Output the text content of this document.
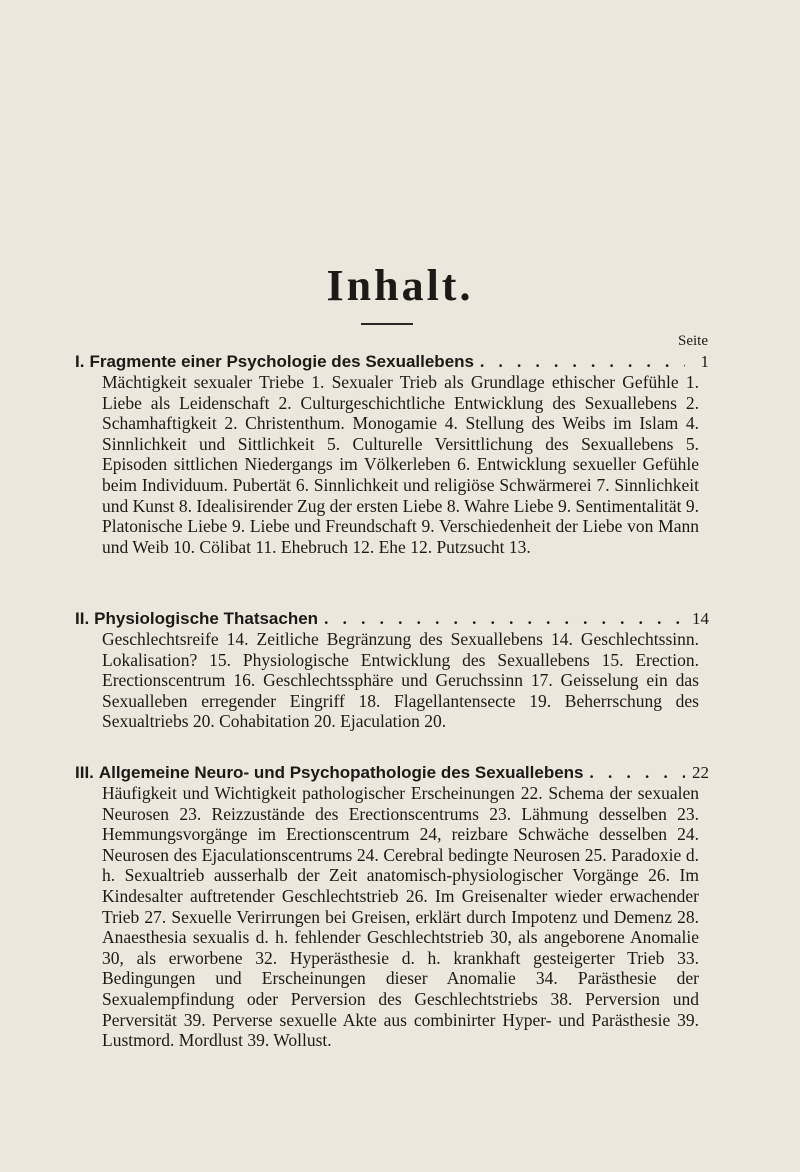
Inhalt.
Seite
I. Fragmente einer Psychologie des Sexuallebens . . .	1
Mächtigkeit sexualer Triebe 1. Sexualer Trieb als Grundlage ethischer Gefühle 1. Liebe als Leidenschaft 2. Culturgeschichtliche Entwicklung des Sexuallebens 2. Schamhaftigkeit 2. Christenthum. Monogamie 4. Stellung des Weibs im Islam 4. Sinnlichkeit und Sittlichkeit 5. Culturelle Versittlichung des Sexuallebens 5. Episoden sittlichen Niedergangs im Völkerleben 6. Entwicklung sexueller Gefühle beim Individuum. Pubertät 6. Sinnlichkeit und religiöse Schwärmerei 7. Sinnlichkeit und Kunst 8. Idealisirender Zug der ersten Liebe 8. Wahre Liebe 9. Sentimentalität 9. Platonische Liebe 9. Liebe und Freundschaft 9. Verschiedenheit der Liebe von Mann und Weib 10. Cölibat 11. Ehebruch 12. Ehe 12. Putzsucht 13.
II. Physiologische Thatsachen . . .	14
Geschlechtsreife 14. Zeitliche Begränzung des Sexuallebens 14. Geschlechtssinn. Lokalisation? 15. Physiologische Entwicklung des Sexuallebens 15. Erection. Erectionscentrum 16. Geschlechtssphäre und Geruchssinn 17. Geisselung ein das Sexualleben erregender Eingriff 18. Flagellantensecte 19. Beherrschung des Sexualtriebs 20. Cohabitation 20. Ejaculation 20.
III. Allgemeine Neuro- und Psychopathologie des Sexuallebens . . .	22
Häufigkeit und Wichtigkeit pathologischer Erscheinungen 22. Schema der sexualen Neurosen 23. Reizzustände des Erectionscentrums 23. Lähmung desselben 23. Hemmungsvorgänge im Erectionscentrum 24, reizbare Schwäche desselben 24. Neurosen des Ejaculationscentrums 24. Cerebral bedingte Neurosen 25. Paradoxie d. h. Sexualtrieb ausserhalb der Zeit anatomisch-physiologischer Vorgänge 26. Im Kindesalter auftretender Geschlechtstrieb 26. Im Greisenalter wieder erwachender Trieb 27. Sexuelle Verirrungen bei Greisen, erklärt durch Impotenz und Demenz 28. Anaesthesia sexualis d. h. fehlender Geschlechtstrieb 30, als angeborene Anomalie 30, als erworbene 32. Hyperästhesie d. h. krankhaft gesteigerter Trieb 33. Bedingungen und Erscheinungen dieser Anomalie 34. Parästhesie der Sexualempfindung oder Perversion des Geschlechtstriebs 38. Perversion und Perversität 39. Perverse sexuelle Akte aus combinirter Hyper- und Parästhesie 39. Lustmord. Mordlust 39. Wollust.
